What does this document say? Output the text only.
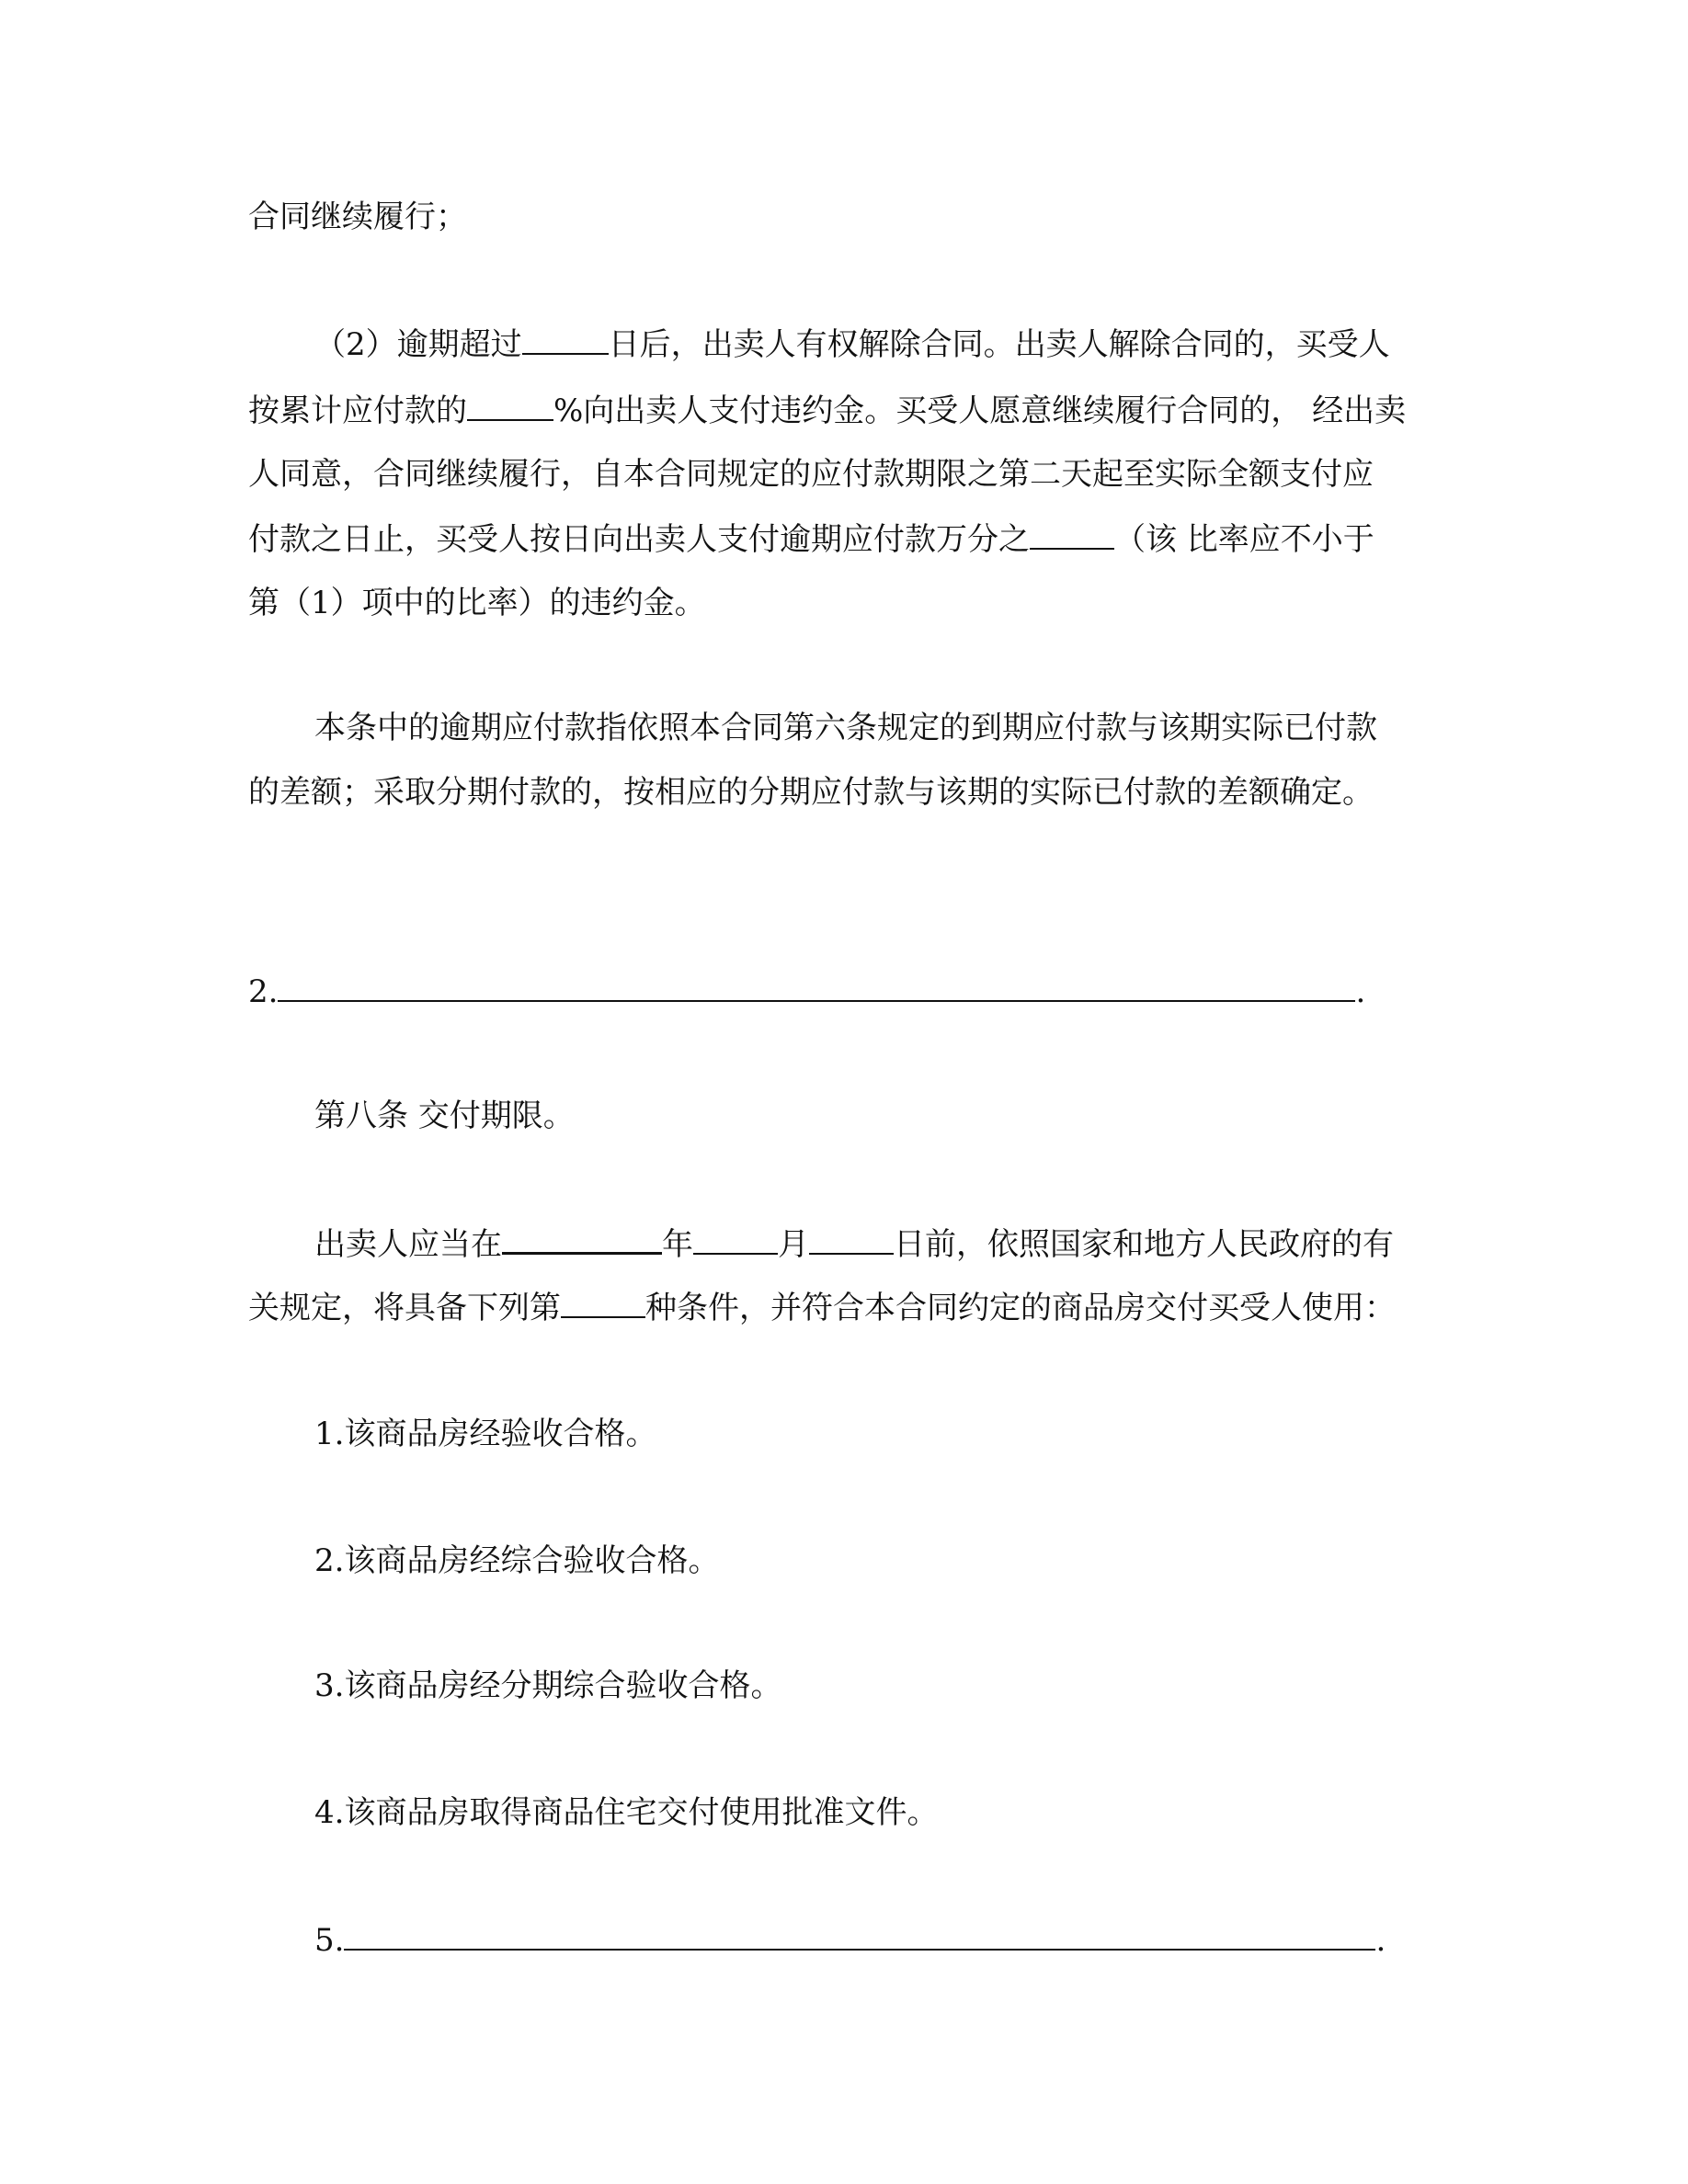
合同继续履行；
（2）逾期超过	日后，出卖人有权解除合同。出卖人解除合同的，买受人
按累计应付款的	%向出卖人支付违约金。买受人愿意继续履行合同的， 经出卖
人同意，合同继续履行，自本合同规定的应付款期限之第二天起至实际全额支付应
付款之日止，买受人按日向出卖人支付逾期应付款万分之	（该 比率应不小于
第（1）项中的比率）的违约金。
本条中的逾期应付款指依照本合同第六条规定的到期应付款与该期实际已付款
的差额；采取分期付款的，按相应的分期应付款与该期的实际已付款的差额确定。
2.	.
第八条 交付期限。
出卖人应当在	年	月	日前，依照国家和地方人民政府的有
关规定，将具备下列第	种条件，并符合本合同约定的商品房交付买受人使用：
1.该商品房经验收合格。
2.该商品房经综合验收合格。
3.该商品房经分期综合验收合格。
4.该商品房取得商品住宅交付使用批准文件。
5.	.
